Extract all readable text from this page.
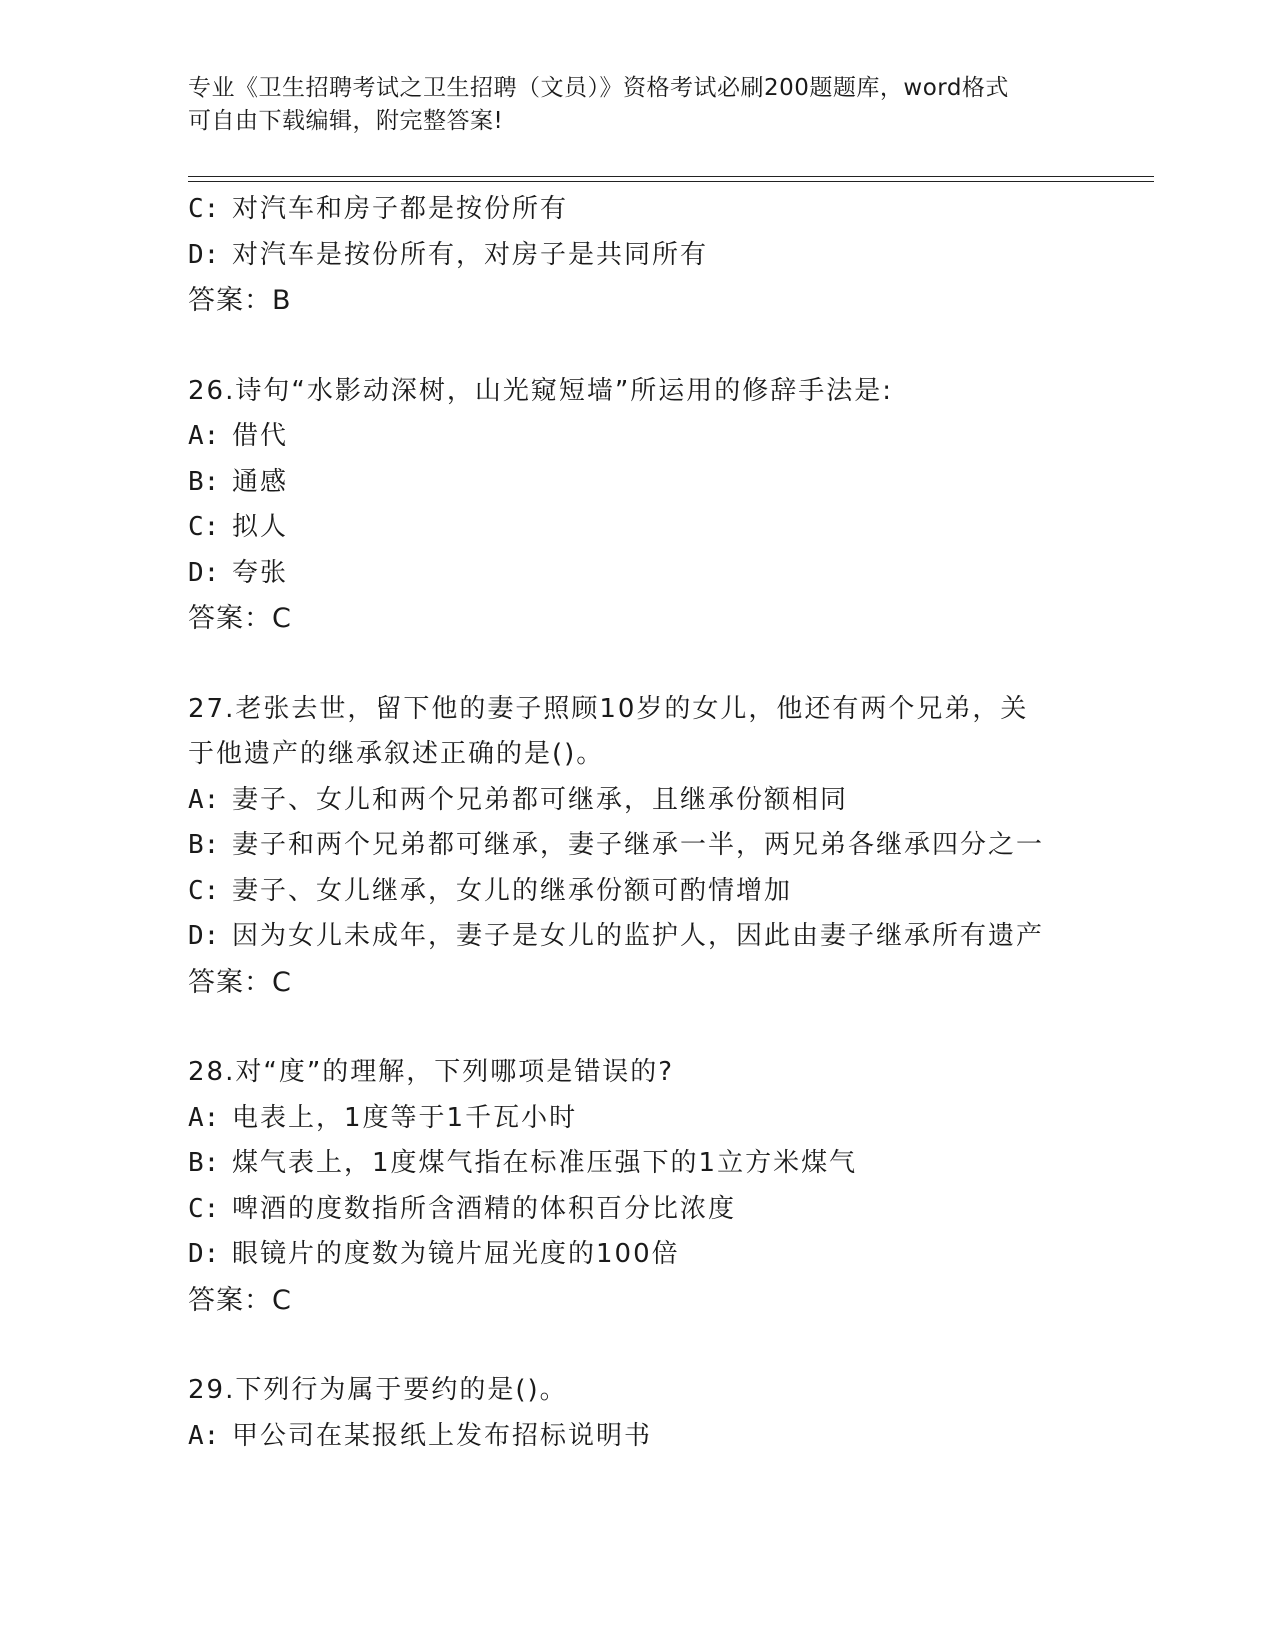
专业《卫生招聘考试之卫生招聘（文员）》资格考试必刷200题题库，word格式
可自由下载编辑，附完整答案!
C: 对汽车和房子都是按份所有
D: 对汽车是按份所有，对房子是共同所有
答案：B
26.诗句“水影动深树，山光窥短墙”所运用的修辞手法是:
A: 借代
B: 通感
C: 拟人
D: 夸张
答案：C
27.老张去世，留下他的妻子照顾10岁的女儿，他还有两个兄弟，关
于他遗产的继承叙述正确的是()。
A: 妻子、女儿和两个兄弟都可继承，且继承份额相同
B: 妻子和两个兄弟都可继承，妻子继承一半，两兄弟各继承四分之一
C: 妻子、女儿继承，女儿的继承份额可酌情增加
D: 因为女儿未成年，妻子是女儿的监护人，因此由妻子继承所有遗产
答案：C
28.对“度”的理解，下列哪项是错误的?
A: 电表上，1度等于1千瓦小时
B: 煤气表上，1度煤气指在标准压强下的1立方米煤气
C: 啤酒的度数指所含酒精的体积百分比浓度
D: 眼镜片的度数为镜片屈光度的100倍
答案：C
29.下列行为属于要约的是()。
A: 甲公司在某报纸上发布招标说明书
